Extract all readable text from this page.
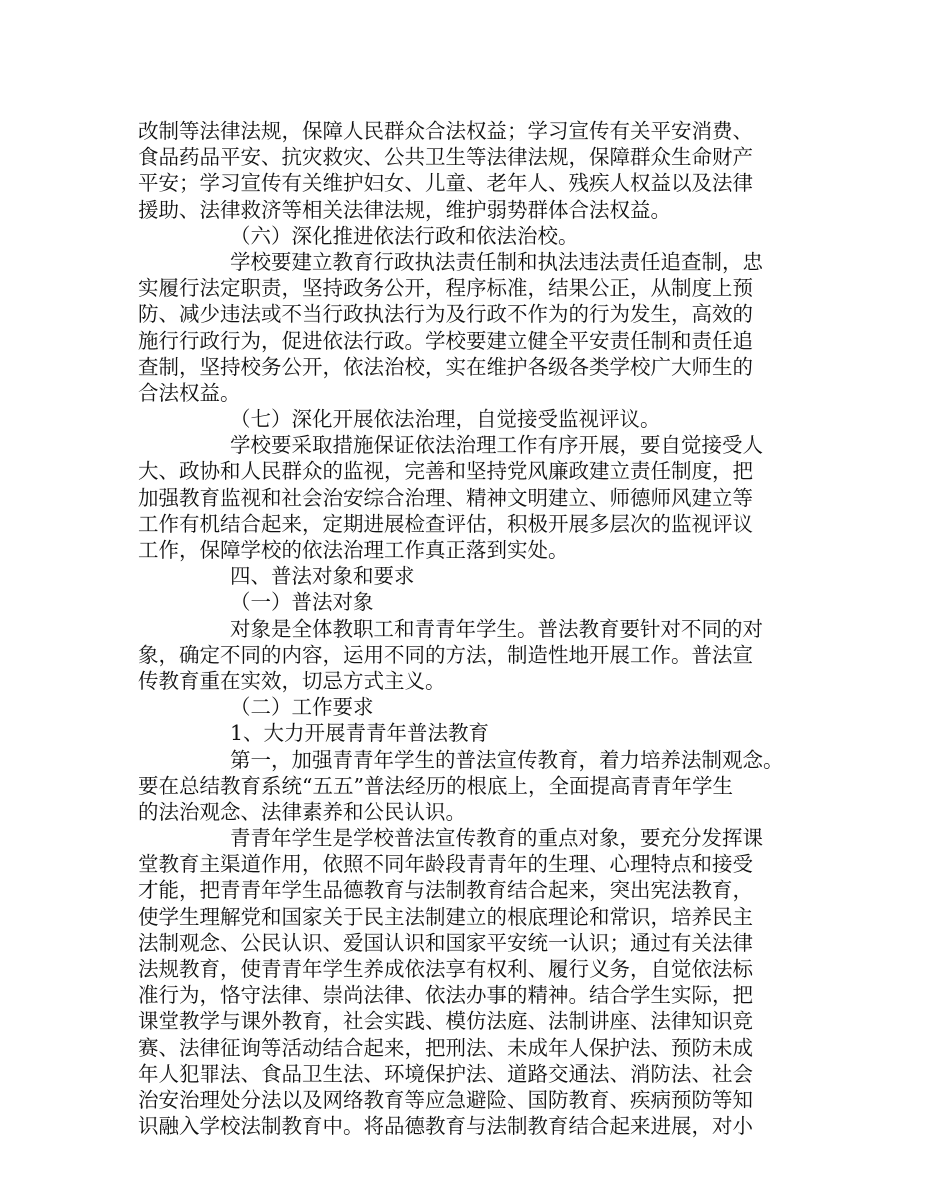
改制等法律法规，保障人民群众合法权益；学习宣传有关平安消费、
食品药品平安、抗灾救灾、公共卫生等法律法规，保障群众生命财产
平安；学习宣传有关维护妇女、儿童、老年人、残疾人权益以及法律
援助、法律救济等相关法律法规，维护弱势群体合法权益。
（六）深化推进依法行政和依法治校。
学校要建立教育行政执法责任制和执法违法责任追查制，忠
实履行法定职责，坚持政务公开，程序标准，结果公正，从制度上预
防、减少违法或不当行政执法行为及行政不作为的行为发生，高效的
施行行政行为，促进依法行政。学校要建立健全平安责任制和责任追
查制，坚持校务公开，依法治校，实在维护各级各类学校广大师生的
合法权益。
（七）深化开展依法治理，自觉接受监视评议。
学校要采取措施保证依法治理工作有序开展，要自觉接受人
大、政协和人民群众的监视，完善和坚持党风廉政建立责任制度，把
加强教育监视和社会治安综合治理、精神文明建立、师德师风建立等
工作有机结合起来，定期进展检查评估，积极开展多层次的监视评议
工作，保障学校的依法治理工作真正落到实处。
四、普法对象和要求
（一）普法对象
对象是全体教职工和青青年学生。普法教育要针对不同的对
象，确定不同的内容，运用不同的方法，制造性地开展工作。普法宣
传教育重在实效，切忌方式主义。
（二）工作要求
1、大力开展青青年普法教育
第一，加强青青年学生的普法宣传教育，着力培养法制观念。
要在总结教育系统“五五”普法经历的根底上，全面提高青青年学生
的法治观念、法律素养和公民认识。
青青年学生是学校普法宣传教育的重点对象，要充分发挥课
堂教育主渠道作用，依照不同年龄段青青年的生理、心理特点和接受
才能，把青青年学生品德教育与法制教育结合起来，突出宪法教育，
使学生理解党和国家关于民主法制建立的根底理论和常识，培养民主
法制观念、公民认识、爱国认识和国家平安统一认识；通过有关法律
法规教育，使青青年学生养成依法享有权利、履行义务，自觉依法标
准行为，恪守法律、崇尚法律、依法办事的精神。结合学生实际，把
课堂教学与课外教育，社会实践、模仿法庭、法制讲座、法律知识竞
赛、法律征询等活动结合起来，把刑法、未成年人保护法、预防未成
年人犯罪法、食品卫生法、环境保护法、道路交通法、消防法、社会
治安治理处分法以及网络教育等应急避险、国防教育、疾病预防等知
识融入学校法制教育中。将品德教育与法制教育结合起来进展，对小
